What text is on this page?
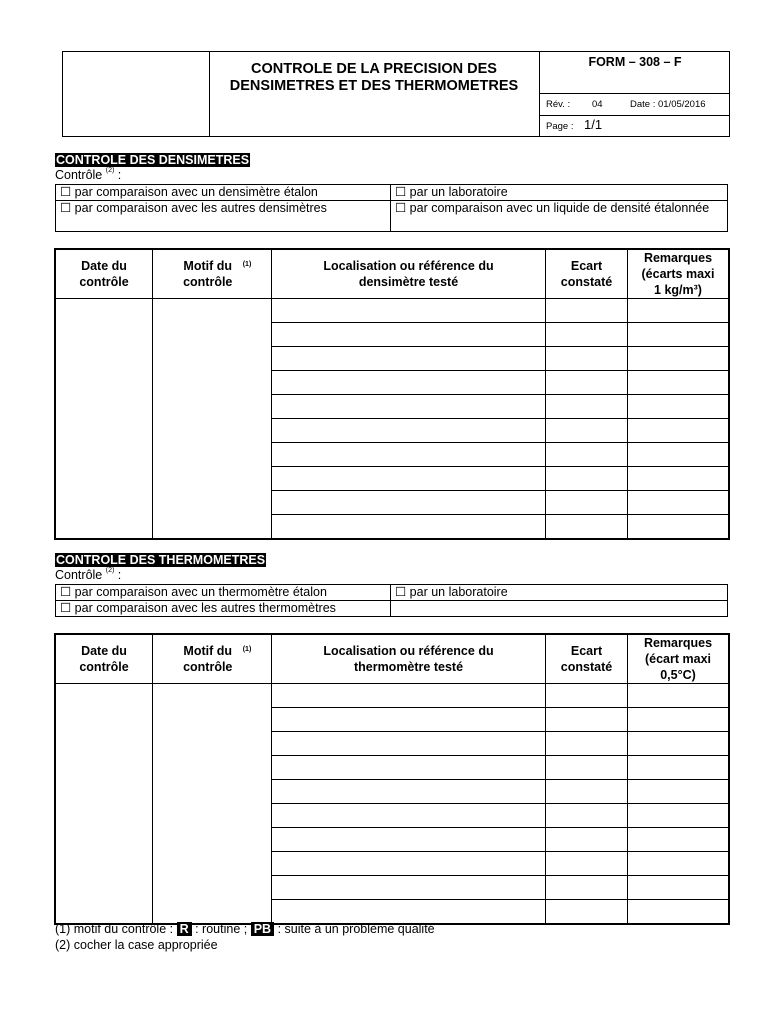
CONTROLE DE LA PRECISION DES
DENSIMETRES ET DES THERMOMETRES
FORM – 308 – F
Rév. : 04	Date : 01/05/2016
Page : 1/1
CONTROLE DES DENSIMETRES
Contrôle $^{(2)}$ :
☐ par comparaison avec un densimètre étalon	☐ par un laboratoire
☐ par comparaison avec les autres densimètres	☐ par comparaison avec un liquide de densité étalonnée
Date du contrôle	Motif du contrôle$^{(1)}$	Localisation ou référence du densimètre testé	Ecart constaté	Remarques
(écarts maxi
1 kg/m³)

CONTROLE DES THERMOMETRES
Contrôle $^{(2)}$ :
☐ par comparaison avec un thermomètre étalon	☐ par un laboratoire
☐ par comparaison avec les autres thermomètres	
Date du contrôle	Motif du contrôle$^{(1)}$	Localisation ou référence du thermomètre testé	Ecart constaté	Remarques
(écart maxi
0,5°C)

(1) motif du contrôle : R : routine ; PB : suite à un problème qualité
(2) cocher la case appropriée
